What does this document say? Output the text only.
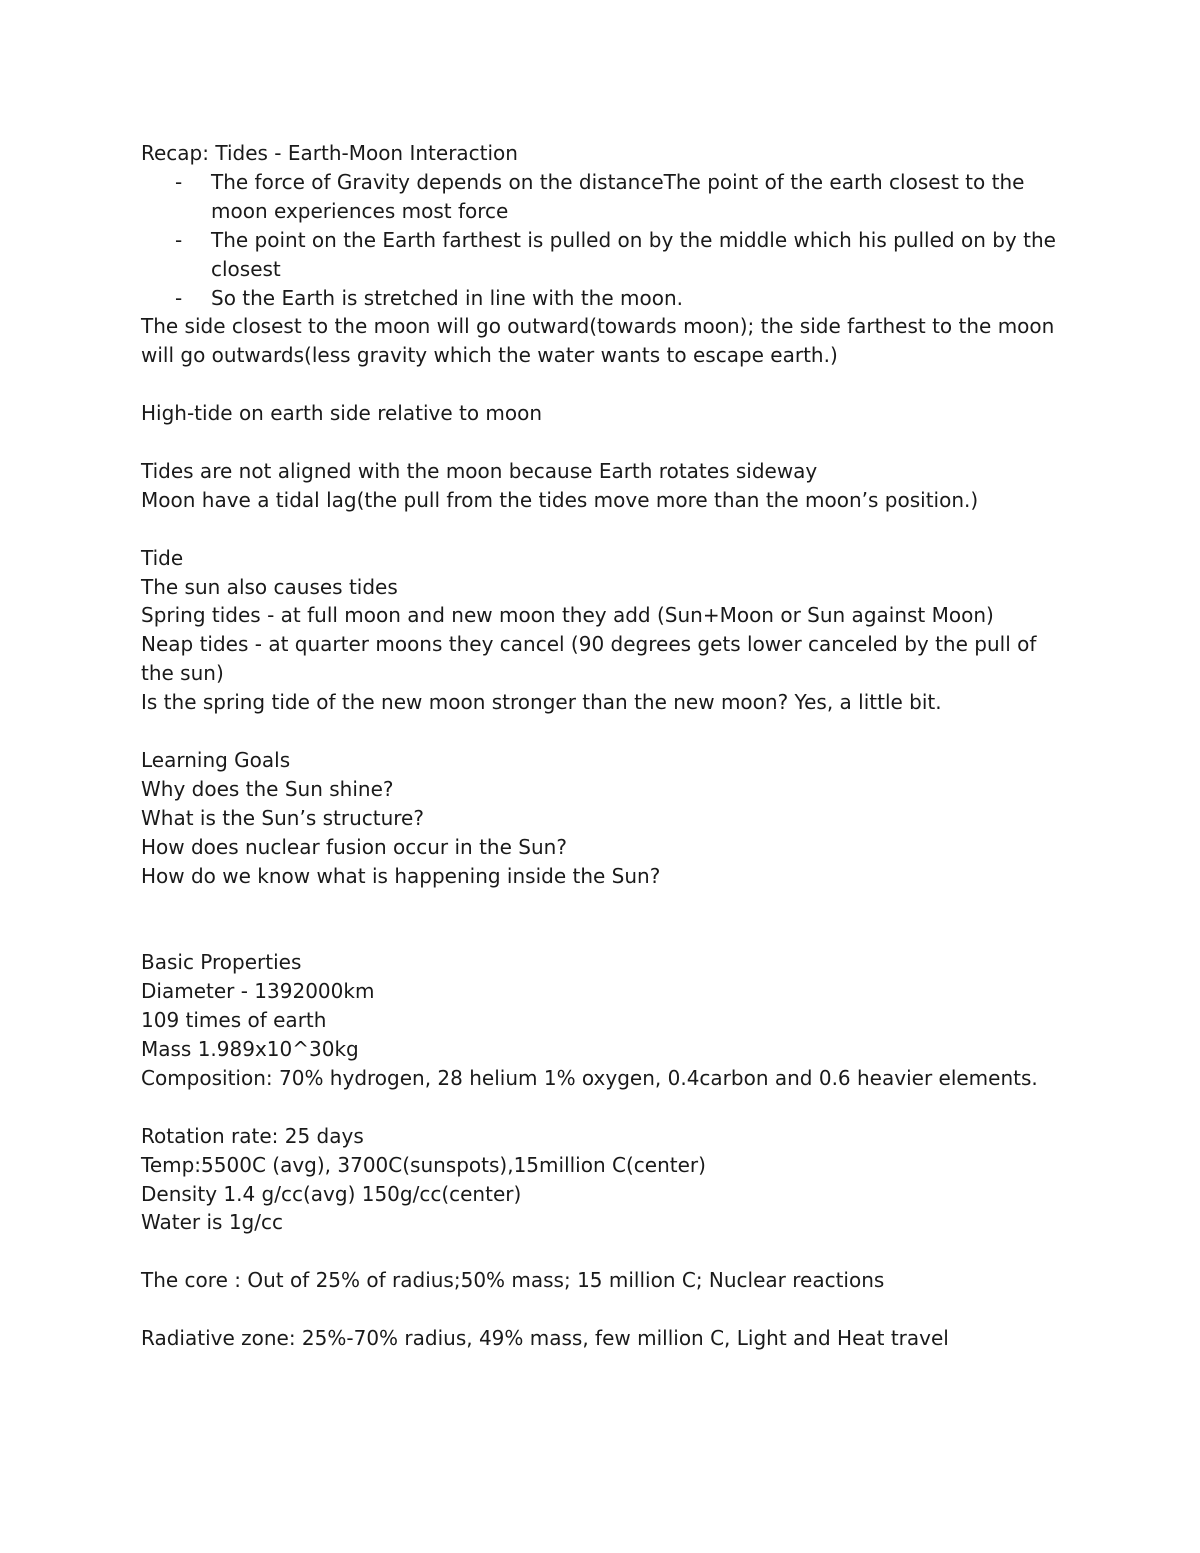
Recap: Tides - Earth-Moon Interaction

- The force of Gravity depends on the distanceThe point of the earth closest to the moon experiences most force
- The point on the Earth farthest is pulled on by the middle which his pulled on by the closest
- So the Earth is stretched in line with the moon.

The side closest to the moon will go outward(towards moon); the side farthest to the moon will go outwards(less gravity which the water wants to escape earth.)

High-tide on earth side relative to moon

Tides are not aligned with the moon because Earth rotates sideway

Moon have a tidal lag(the pull from the tides move more than the moon’s position.)

Tide

The sun also causes tides

Spring tides - at full moon and new moon they add (Sun+Moon or Sun against Moon)

Neap tides - at quarter moons they cancel (90 degrees gets lower canceled by the pull of the sun)

Is the spring tide of the new moon stronger than the new moon? Yes, a little bit.

Learning Goals

Why does the Sun shine?

What is the Sun’s structure?

How does nuclear fusion occur in the Sun?

How do we know what is happening inside the Sun?

Basic Properties

Diameter - 1392000km

109 times of earth

Mass 1.989x10^30kg

Composition: 70% hydrogen, 28 helium 1% oxygen, 0.4carbon and 0.6 heavier elements.

Rotation rate: 25 days

Temp:5500C (avg), 3700C(sunspots),15million C(center)

Density 1.4 g/cc(avg) 150g/cc(center)

Water is 1g/cc

The core : Out of 25% of radius;50% mass; 15 million C; Nuclear reactions

Radiative zone: 25%-70% radius, 49% mass, few million C, Light and Heat travel
